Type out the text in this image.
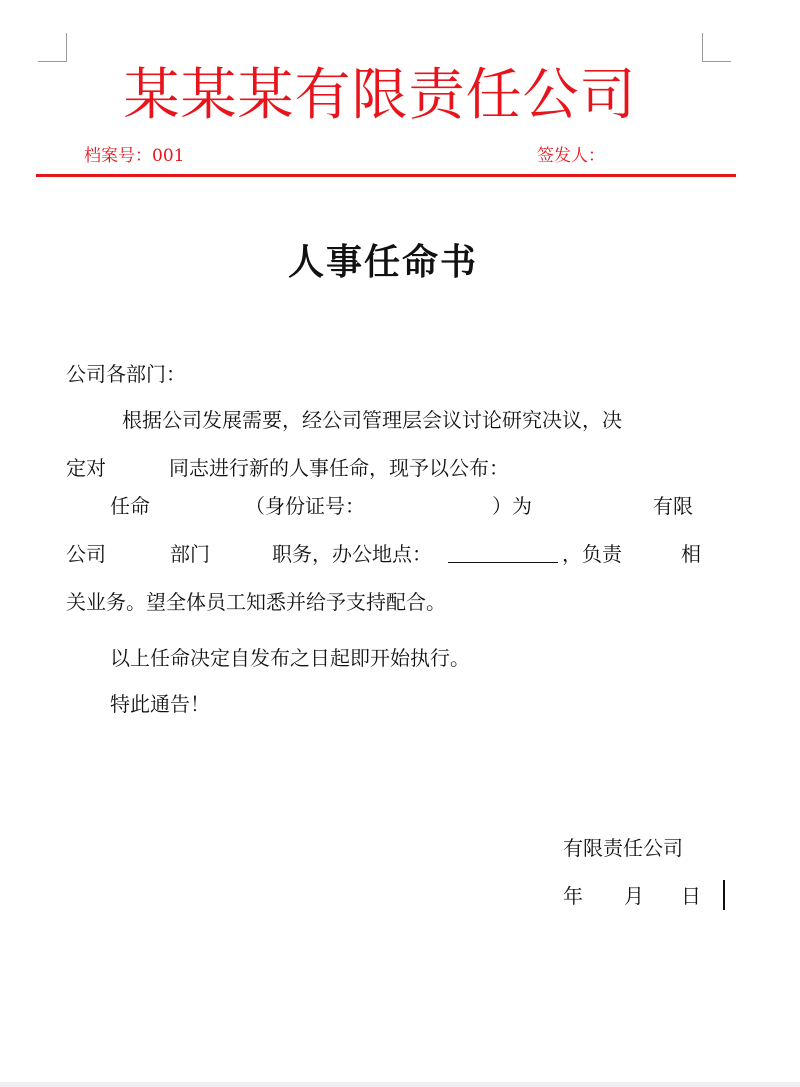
某某某有限责任公司
档案号：001	签发人：
人事任命书
公司各部门：
根据公司发展需要，经公司管理层会议讨论研究决议，决
定对	同志进行新的人事任命，现予以公布：
任命	（身份证号：	）为	有限
公司	部门	职务，办公地点：	，负责	相
关业务。望全体员工知悉并给予支持配合。
以上任命决定自发布之日起即开始执行。
特此通告！
有限责任公司
年 月 日
